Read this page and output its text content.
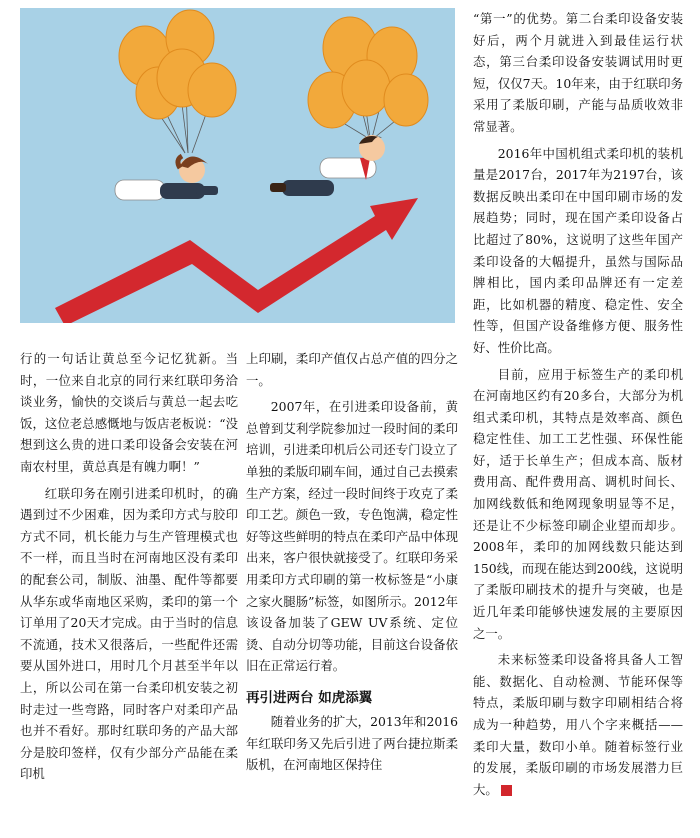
行的一句话让黄总至今记忆犹新。当时，一位来自北京的同行来红联印务洽谈业务，愉快的交谈后与黄总一起去吃饭，这位老总感慨地与饭店老板说：“没想到这么贵的进口柔印设备会安装在河南农村里，黄总真是有魄力啊！”

红联印务在刚引进柔印机时，的确遇到过不少困难，因为柔印方式与胶印方式不同，机长能力与生产管理模式也不一样，而且当时在河南地区没有柔印的配套公司，制版、油墨、配件等都要从华东或华南地区采购，柔印的第一个订单用了20天才完成。由于当时的信息不流通，技术又很落后，一些配件还需要从国外进口，用时几个月甚至半年以上，所以公司在第一台柔印机安装之初时走过一些弯路，同时客户对柔印产品也并不看好。那时红联印务的产品大部分是胶印签样，仅有少部分产品能在柔印机

上印刷，柔印产值仅占总产值的四分之一。

2007年，在引进柔印设备前，黄总曾到艾利学院参加过一段时间的柔印培训，引进柔印机后公司还专门设立了单独的柔版印刷车间，通过自己去摸索生产方案，经过一段时间终于攻克了柔印工艺。颜色一致，专色饱满，稳定性好等这些鲜明的特点在柔印产品中体现出来，客户很快就接受了。红联印务采用柔印方式印刷的第一枚标签是“小康之家火腿肠”标签，如图所示。2012年该设备加装了GEW UV系统、定位烫、自动分切等功能，目前这台设备依旧在正常运行着。

再引进两台 如虎添翼

随着业务的扩大，2013年和2016年红联印务又先后引进了两台捷拉斯柔版机，在河南地区保持住

“第一”的优势。第二台柔印设备安装好后，两个月就进入到最佳运行状态，第三台柔印设备安装调试用时更短，仅仅7天。10年来，由于红联印务采用了柔版印刷，产能与品质收效非常显著。

2016年中国机组式柔印机的装机量是2017台，2017年为2197台，该数据反映出柔印在中国印刷市场的发展趋势；同时，现在国产柔印设备占比超过了80%，这说明了这些年国产柔印设备的大幅提升，虽然与国际品牌相比，国内柔印品牌还有一定差距，比如机器的精度、稳定性、安全性等，但国产设备维修方便、服务性好、性价比高。

目前，应用于标签生产的柔印机在河南地区约有20多台，大部分为机组式柔印机，其特点是效率高、颜色稳定性佳、加工工艺性强、环保性能好，适于长单生产；但成本高、版材费用高、配件费用高、调机时间长、加网线数低和绝网现象明显等不足，还是让不少标签印刷企业望而却步。2008年，柔印的加网线数只能达到150线，而现在能达到200线，这说明了柔版印刷技术的提升与突破，也是近几年柔印能够快速发展的主要原因之一。

未来标签柔印设备将具备人工智能、数据化、自动检测、节能环保等特点，柔版印刷与数字印刷相结合将成为一种趋势，用八个字来概括——柔印大量，数印小单。随着标签行业的发展，柔版印刷的市场发展潜力巨大。	L
